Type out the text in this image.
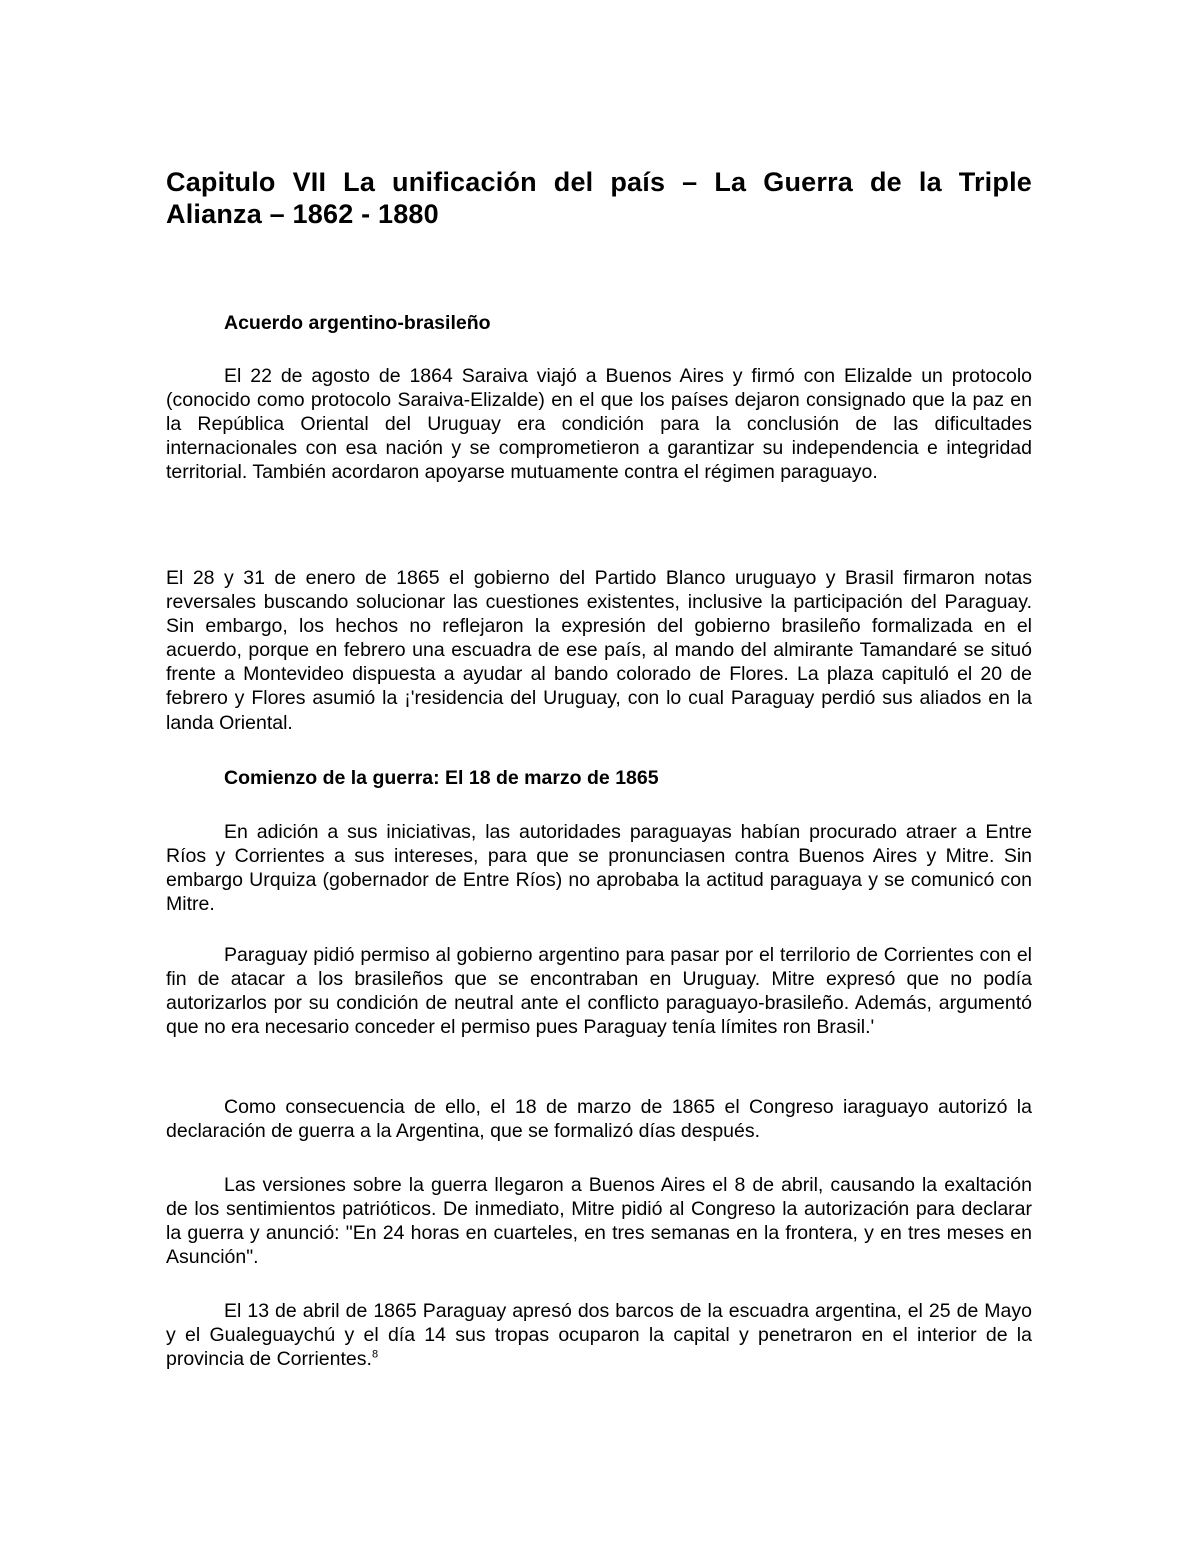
Capitulo VII La unificación del país – La Guerra de la Triple Alianza – 1862 - 1880
Acuerdo argentino-brasileño

El 22 de agosto de 1864 Saraiva viajó a Buenos Aires y firmó con Elizalde un protocolo (conocido como protocolo Saraiva-Elizalde) en el que los países dejaron consignado que la paz en la República Oriental del Uruguay era condición para la conclusión de las dificultades internacionales con esa nación y se comprometieron a garantizar su independencia e integridad territorial. También acordaron apoyarse mutuamente contra el régimen paraguayo.

El 28 y 31 de enero de 1865 el gobierno del Partido Blanco uruguayo y Brasil firmaron notas reversales buscando solucionar las cuestiones existentes, inclusive la participación del Paraguay. Sin embargo, los hechos no reflejaron la expresión del gobierno brasileño formalizada en el acuerdo, porque en febrero una escuadra de ese país, al mando del almirante Tamandaré se situó frente a Montevideo dispuesta a ayudar al bando colorado de Flores. La plaza capituló el 20 de febrero y Flores asumió la ¡'residencia del Uruguay, con lo cual Paraguay perdió sus aliados en la landa Oriental.

Comienzo de la guerra: El 18 de marzo de 1865

En adición a sus iniciativas, las autoridades paraguayas habían procurado atraer a Entre Ríos y Corrientes a sus intereses, para que se pronunciasen contra Buenos Aires y Mitre. Sin embargo Urquiza (gobernador de Entre Ríos) no aprobaba la actitud paraguaya y se comunicó con Mitre.

Paraguay pidió permiso al gobierno argentino para pasar por el terrilorio de Corrientes con el fin de atacar a los brasileños que se encontraban en Uruguay. Mitre expresó que no podía autorizarlos por su condición de neutral ante el conflicto paraguayo-brasileño. Además, argumentó que no era necesario conceder el permiso pues Paraguay tenía límites ron Brasil.'

Como consecuencia de ello, el 18 de marzo de 1865 el Congreso iaraguayo autorizó la declaración de guerra a la Argentina, que se formalizó días después.

Las versiones sobre la guerra llegaron a Buenos Aires el 8 de abril, causando la exaltación de los sentimientos patrióticos. De inmediato, Mitre pidió al Congreso la autorización para declarar la guerra y anunció: "En 24 horas en cuarteles, en tres semanas en la frontera, y en tres meses en Asunción".

El 13 de abril de 1865 Paraguay apresó dos barcos de la escuadra argentina, el 25 de Mayo y el Gualeguaychú y el día 14 sus tropas ocuparon la capital y penetraron en el interior de la provincia de Corrientes.$^8$
